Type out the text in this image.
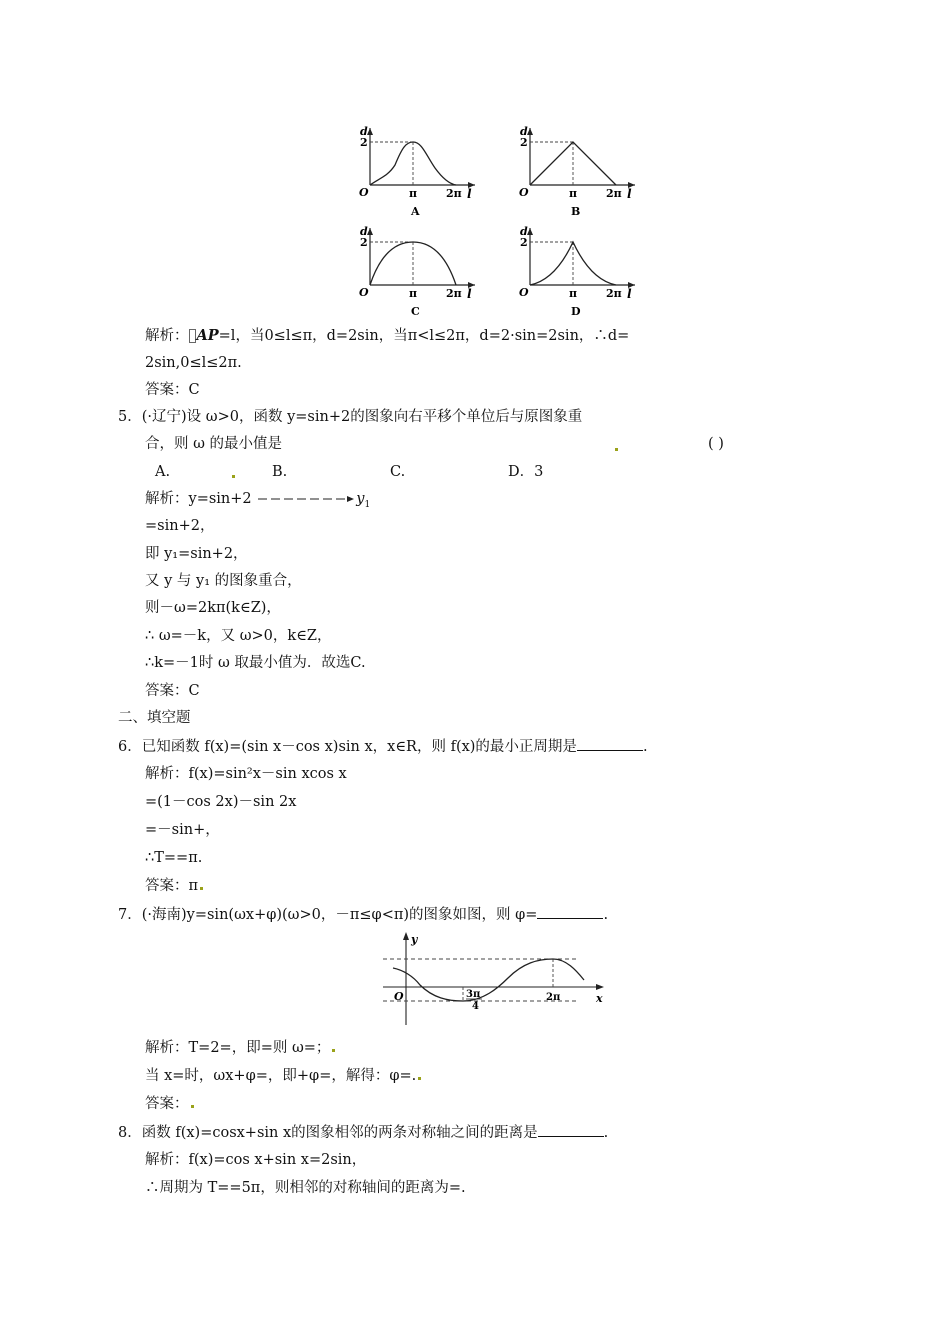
d
2
O	π	2π l
A
d
2
O	π	2π l
B
d
2
O	π	2π l
C
d
2
O	π	2π l
D
解析： AP=l，当0≤l≤π，d=2sin，当π<l≤2π，d=2·sin=2sin，∴d=
2sin,0≤l≤2π.
答案：C
5．(·辽宁)设 ω>0，函数 y=sin+2的图象向右平移个单位后与原图象重
合，则 ω 的最小值是	( )
A.	B.	C.	D．3
解析：y=sin+2	$y_1$
=sin+2，
即 y₁=sin+2，
又 y 与 y₁ 的图象重合，
则－ω=2kπ(k∈Z)，
∴ ω=－k，又 ω>0，k∈Z，
∴k=－1时 ω 取最小值为．故选C.
答案：C
二、填空题
6．已知函数 f(x)=(sin x－cos x)sin x，x∈R，则 f(x)的最小正周期是	.
解析：f(x)=sin²x－sin xcos x
=(1－cos 2x)－sin 2x
=－sin+，
∴T==π.
答案：π
7．(·海南)y=sin(ωx+φ)(ω>0，－π≤φ<π)的图象如图，则 φ=	.
y
O	3π
4
2π	x
解析：T=2=，即=则 ω=；
当 x=时，ωx+φ=，即+φ=，解得：φ=.
答案：
8．函数 f(x)=cosx+sin x的图象相邻的两条对称轴之间的距离是	.
解析：f(x)=cos x+sin x=2sin，
∴周期为 T==5π，则相邻的对称轴间的距离为=.
